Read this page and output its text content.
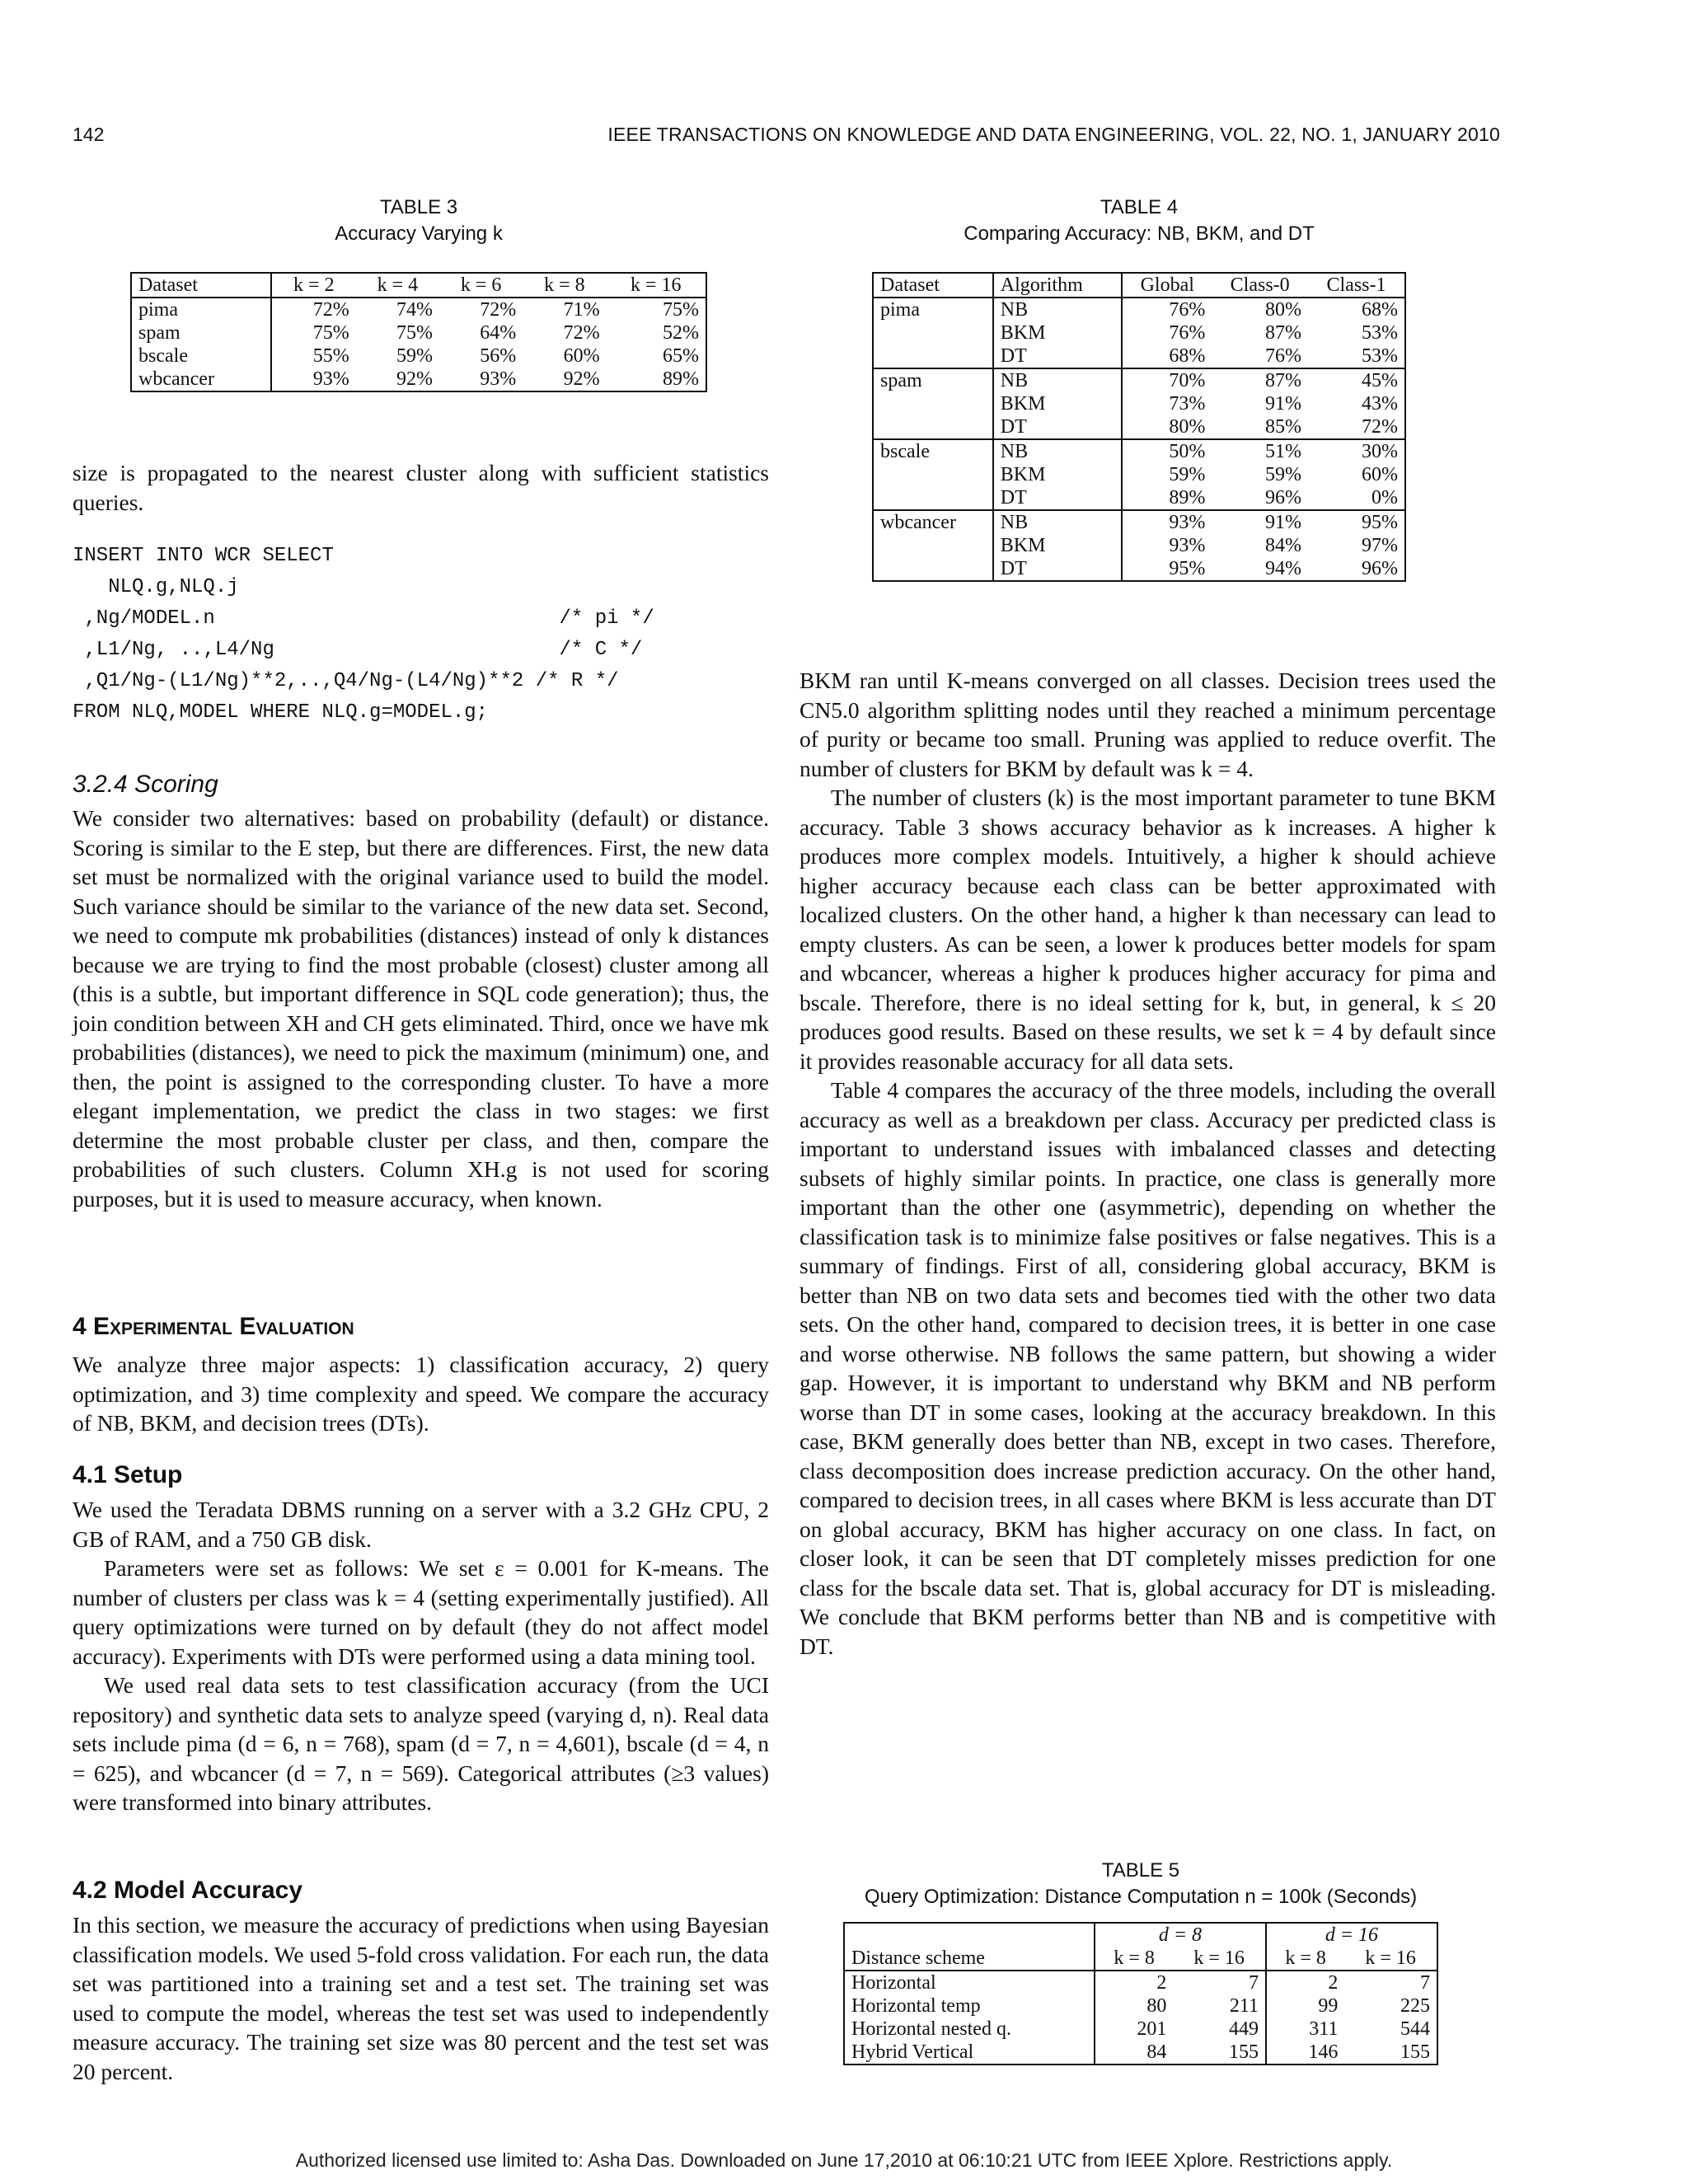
142	IEEE TRANSACTIONS ON KNOWLEDGE AND DATA ENGINEERING, VOL. 22, NO. 1, JANUARY 2010
TABLE 3
Accuracy Varying k
Dataset	k = 2	k = 4	k = 6	k = 8	k = 16
pima	72%	74%	72%	71%	75%
spam	75%	75%	64%	72%	52%
bscale	55%	59%	56%	60%	65%
wbcancer	93%	92%	93%	92%	89%
TABLE 4
Comparing Accuracy: NB, BKM, and DT
Dataset	Algorithm	Global	Class-0	Class-1
pima	NB	76%	80%	68%
	BKM	76%	87%	53%
	DT	68%	76%	53%
spam	NB	70%	87%	45%
	BKM	73%	91%	43%
	DT	80%	85%	72%
bscale	NB	50%	51%	30%
	BKM	59%	59%	60%
	DT	89%	96%	0%
wbcancer	NB	93%	91%	95%
	BKM	93%	84%	97%
	DT	95%	94%	96%

size is propagated to the nearest cluster along with sufficient statistics queries.

INSERT INTO WCR SELECT
NLQ.g,NLQ.j
,Ng/MODEL.n                             /* pi */
,L1/Ng, ..,L4/Ng                        /* C */
,Q1/Ng-(L1/Ng)**2,..,Q4/Ng-(L4/Ng)**2 /* R */
FROM NLQ,MODEL WHERE NLQ.g=MODEL.g;
3.2.4 Scoring

We consider two alternatives: based on probability (default) or distance. Scoring is similar to the E step, but there are differences. First, the new data set must be normalized with the original variance used to build the model. Such variance should be similar to the variance of the new data set. Second, we need to compute mk probabilities (distances) instead of only k distances because we are trying to find the most probable (closest) cluster among all (this is a subtle, but important difference in SQL code generation); thus, the join condition between XH and CH gets eliminated. Third, once we have mk probabilities (distances), we need to pick the maximum (minimum) one, and then, the point is assigned to the corresponding cluster. To have a more elegant implementation, we predict the class in two stages: we first determine the most probable cluster per class, and then, compare the probabilities of such clusters. Column XH.g is not used for scoring purposes, but it is used to measure accuracy, when known.

4 Experimental Evaluation

We analyze three major aspects: 1) classification accuracy, 2) query optimization, and 3) time complexity and speed. We compare the accuracy of NB, BKM, and decision trees (DTs).

4.1 Setup

We used the Teradata DBMS running on a server with a 3.2 GHz CPU, 2 GB of RAM, and a 750 GB disk.

Parameters were set as follows: We set ε = 0.001 for K-means. The number of clusters per class was k = 4 (setting experimentally justified). All query optimizations were turned on by default (they do not affect model accuracy). Experiments with DTs were performed using a data mining tool.

We used real data sets to test classification accuracy (from the UCI repository) and synthetic data sets to analyze speed (varying d, n). Real data sets include pima (d = 6, n = 768), spam (d = 7, n = 4,601), bscale (d = 4, n = 625), and wbcancer (d = 7, n = 569). Categorical attributes (≥3 values) were transformed into binary attributes.

4.2 Model Accuracy

In this section, we measure the accuracy of predictions when using Bayesian classification models. We used 5-fold cross validation. For each run, the data set was partitioned into a training set and a test set. The training set was used to compute the model, whereas the test set was used to independently measure accuracy. The training set size was 80 percent and the test set was 20 percent.

BKM ran until K-means converged on all classes. Decision trees used the CN5.0 algorithm splitting nodes until they reached a minimum percentage of purity or became too small. Pruning was applied to reduce overfit. The number of clusters for BKM by default was k = 4.

The number of clusters (k) is the most important parameter to tune BKM accuracy. Table 3 shows accuracy behavior as k increases. A higher k produces more complex models. Intuitively, a higher k should achieve higher accuracy because each class can be better approximated with localized clusters. On the other hand, a higher k than necessary can lead to empty clusters. As can be seen, a lower k produces better models for spam and wbcancer, whereas a higher k produces higher accuracy for pima and bscale. Therefore, there is no ideal setting for k, but, in general, k ≤ 20 produces good results. Based on these results, we set k = 4 by default since it provides reasonable accuracy for all data sets.

Table 4 compares the accuracy of the three models, including the overall accuracy as well as a breakdown per class. Accuracy per predicted class is important to understand issues with imbalanced classes and detecting subsets of highly similar points. In practice, one class is generally more important than the other one (asymmetric), depending on whether the classification task is to minimize false positives or false negatives. This is a summary of findings. First of all, considering global accuracy, BKM is better than NB on two data sets and becomes tied with the other two data sets. On the other hand, compared to decision trees, it is better in one case and worse otherwise. NB follows the same pattern, but showing a wider gap. However, it is important to understand why BKM and NB perform worse than DT in some cases, looking at the accuracy breakdown. In this case, BKM generally does better than NB, except in two cases. Therefore, class decomposition does increase prediction accuracy. On the other hand, compared to decision trees, in all cases where BKM is less accurate than DT on global accuracy, BKM has higher accuracy on one class. In fact, on closer look, it can be seen that DT completely misses prediction for one class for the bscale data set. That is, global accuracy for DT is misleading. We conclude that BKM performs better than NB and is competitive with DT.

TABLE 5
Query Optimization: Distance Computation n = 100k (Seconds)
	d = 8		d = 16	
Distance scheme	k = 8	k = 16	k = 8	k = 16
Horizontal	2	7	2	7
Horizontal temp	80	211	99	225
Horizontal nested q.	201	449	311	544
Hybrid Vertical	84	155	146	155
Authorized licensed use limited to: Asha Das. Downloaded on June 17,2010 at 06:10:21 UTC from IEEE Xplore. Restrictions apply.
